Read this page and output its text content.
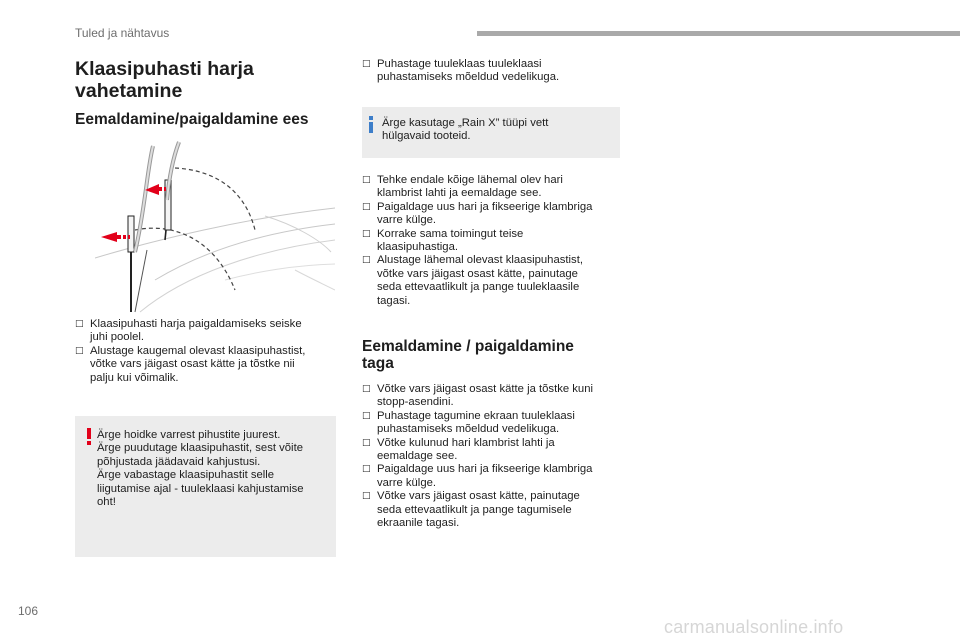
Tuled ja nähtavus
Klaasipuhasti harja
vahetamine
Eemaldamine/paigaldamine ees
□ Klaasipuhasti harja paigaldamiseks seiske
juhi poolel.
□ Alustage kaugemal olevast klaasipuhastist,
võtke vars jäigast osast kätte ja tõstke nii
palju kui võimalik.
Ärge hoidke varrest pihustite juurest.
Ärge puudutage klaasipuhastit, sest võite
põhjustada jäädavaid kahjustusi.
Ärge vabastage klaasipuhastit selle
liigutamise ajal - tuuleklaasi kahjustamise
oht!
□ Puhastage tuuleklaas tuuleklaasi
puhastamiseks mõeldud vedelikuga.
Ärge kasutage „Rain X” tüüpi vett
hülgavaid tooteid.
□ Tehke endale kõige lähemal olev hari
klambrist lahti ja eemaldage see.
□ Paigaldage uus hari ja fikseerige klambriga
varre külge.
□ Korrake sama toimingut teise
klaasipuhastiga.
□ Alustage lähemal olevast klaasipuhastist,
võtke vars jäigast osast kätte, painutage
seda ettevaatlikult ja pange tuuleklaasile
tagasi.
Eemaldamine / paigaldamine
taga
□ Võtke vars jäigast osast kätte ja tõstke kuni
stopp-asendini.
□ Puhastage tagumine ekraan tuuleklaasi
puhastamiseks mõeldud vedelikuga.
□ Võtke kulunud hari klambrist lahti ja
eemaldage see.
□ Paigaldage uus hari ja fikseerige klambriga
varre külge.
□ Võtke vars jäigast osast kätte, painutage
seda ettevaatlikult ja pange tagumisele
ekraanile tagasi.
106
carmanualsonline.info
